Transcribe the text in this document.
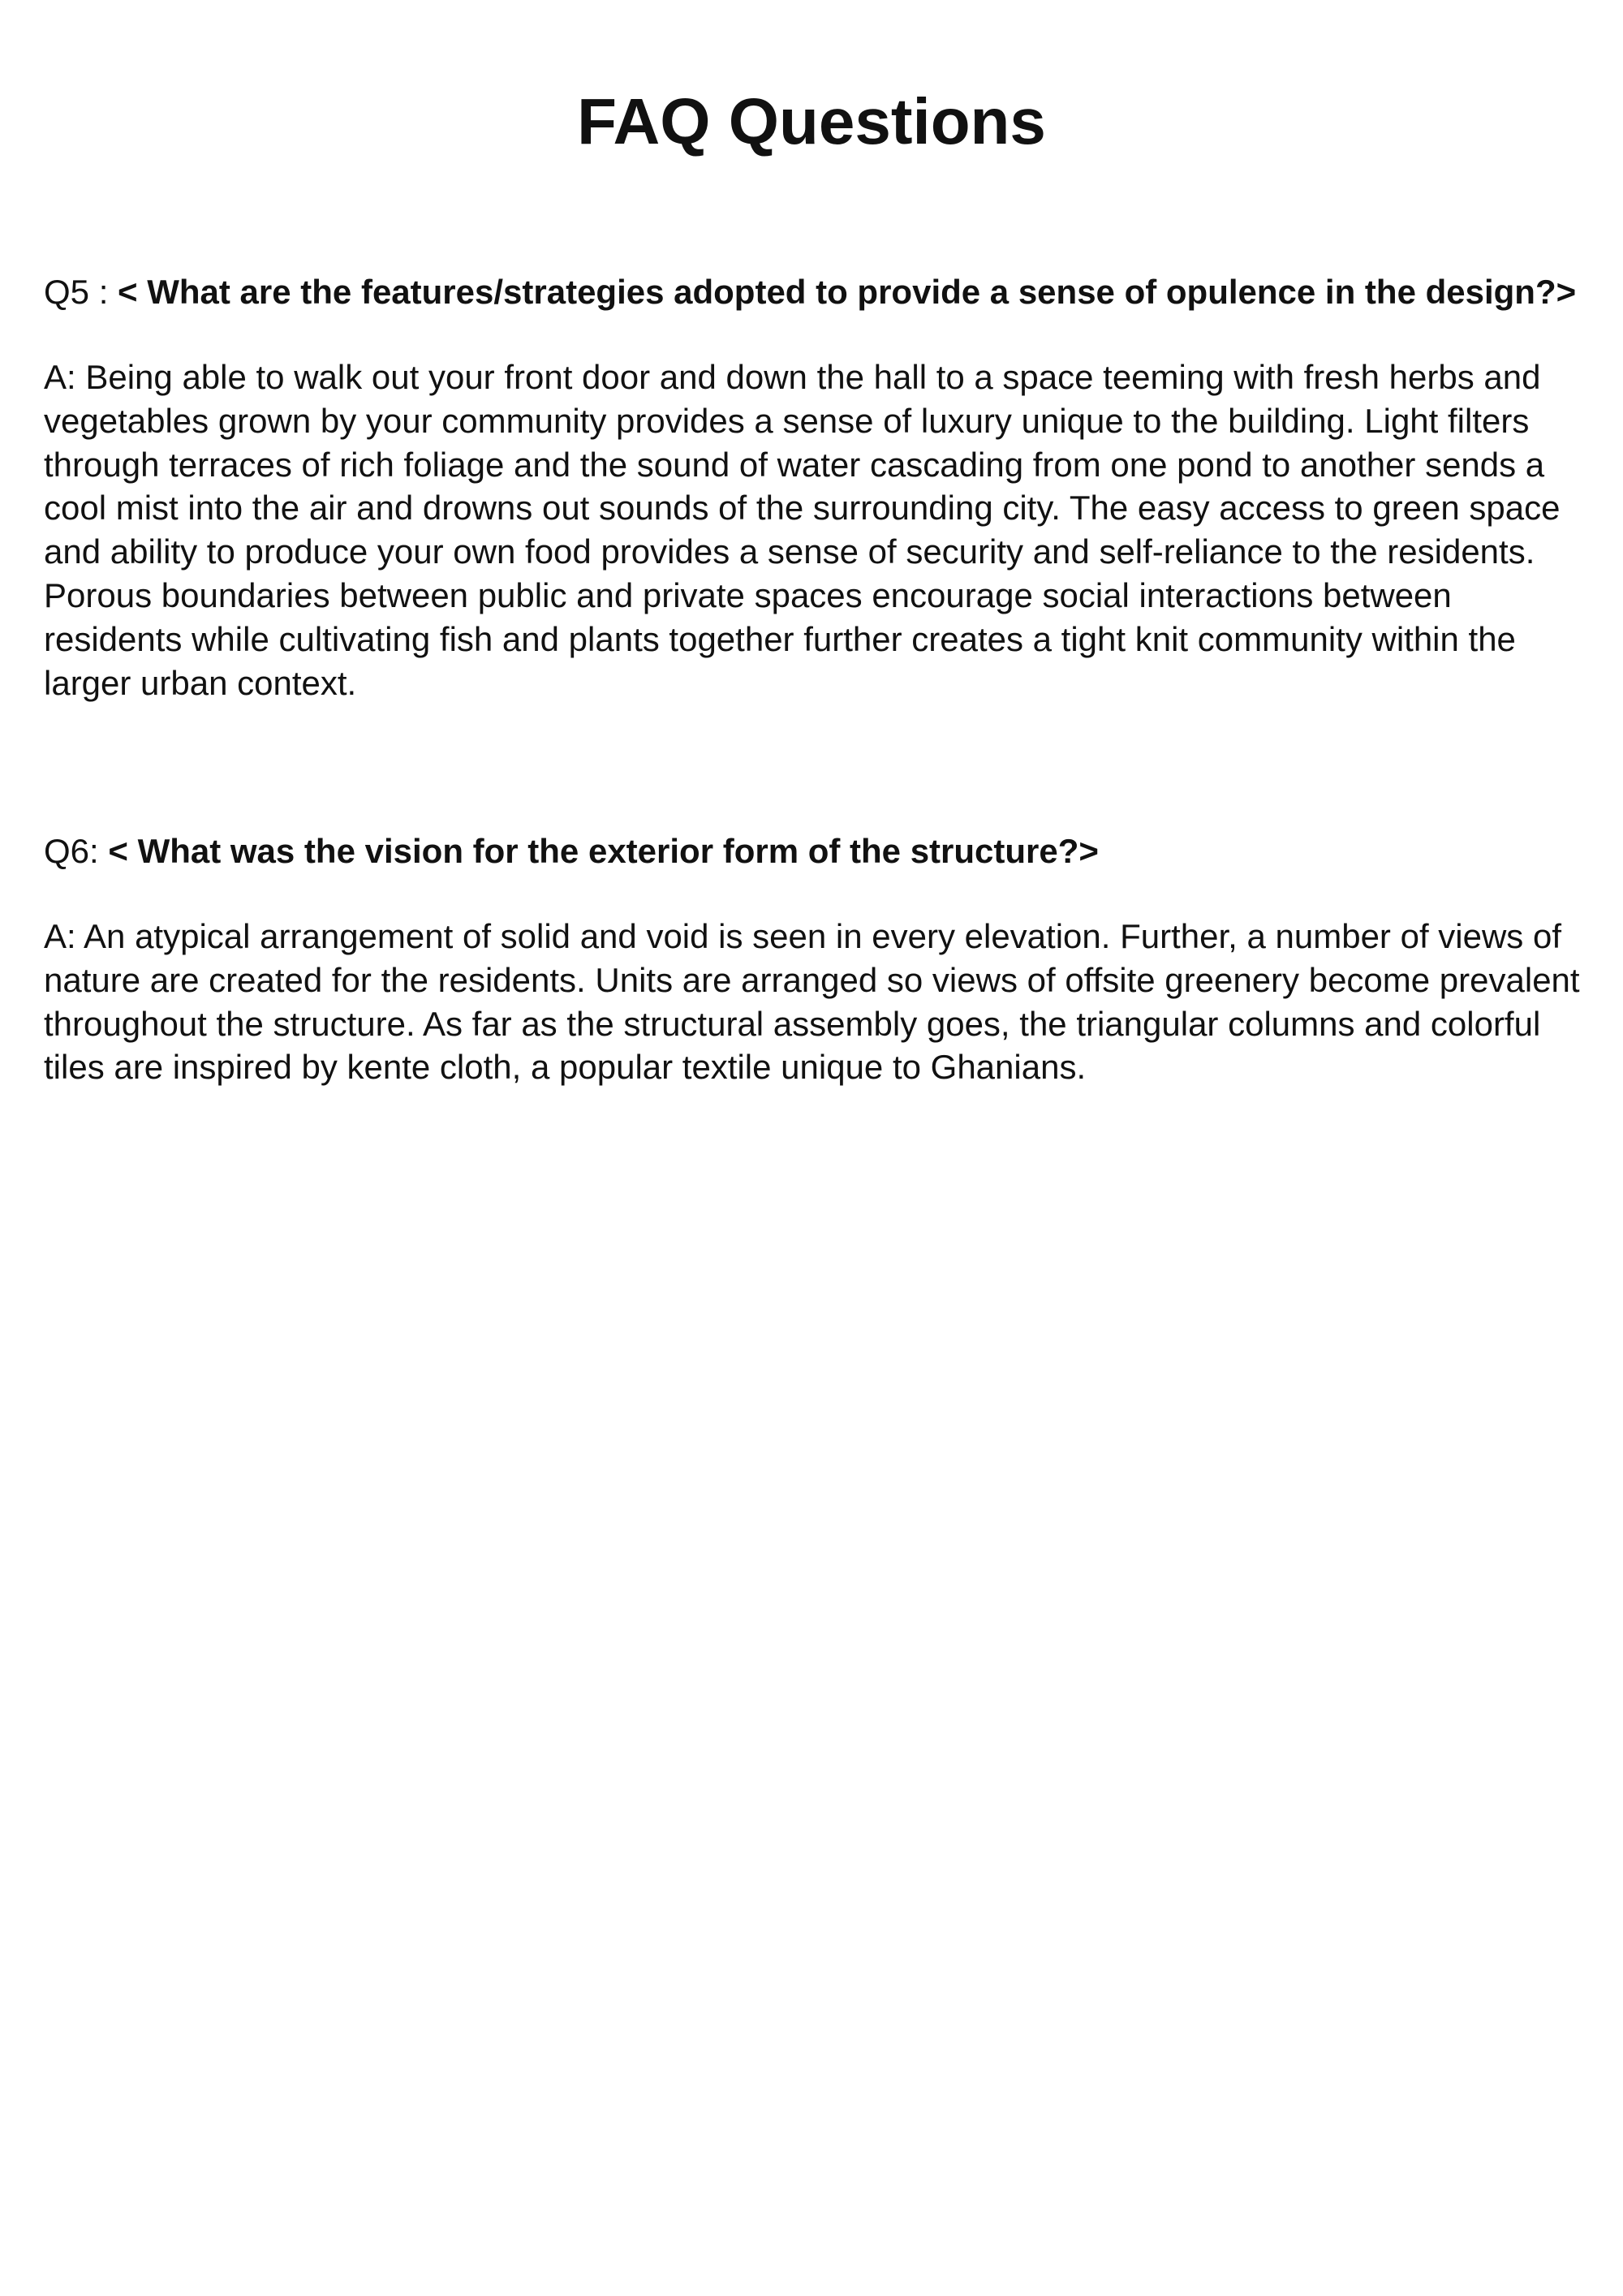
FAQ Questions

Q5 : < What are the features/strategies adopted to provide a sense of opulence in the design?>

A: Being able to walk out your front door and down the hall to a space teeming with fresh herbs and vegetables grown by your community provides a sense of luxury unique to the building. Light filters through terraces of rich foliage and the sound of water cascading from one pond to another sends a cool mist into the air and drowns out sounds of the surrounding city. The easy access to green space and ability to produce your own food provides a sense of security and self-reliance to the residents. Porous boundaries between public and private spaces encourage social interactions between residents while cultivating fish and plants together further creates a tight knit community within the larger urban context.

Q6: < What was the vision for the exterior form of the structure?>

A: An atypical arrangement of solid and void is seen in every elevation. Further, a number of views of nature are created for the residents. Units are arranged so views of offsite greenery become prevalent throughout the structure. As far as the structural assembly goes, the triangular columns and colorful tiles are inspired by kente cloth, a popular textile unique to Ghanians.
